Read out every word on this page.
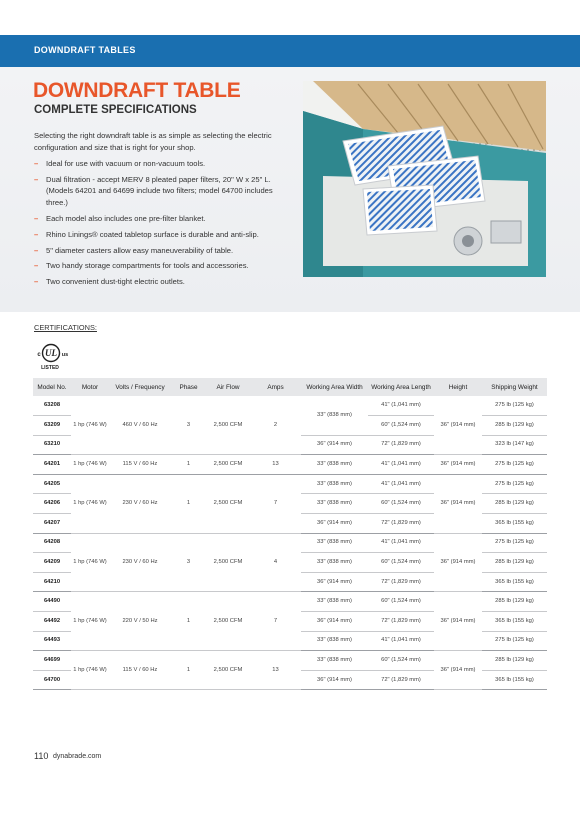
DOWNDRAFT TABLES
DOWNDRAFT TABLE
COMPLETE SPECIFICATIONS

Selecting the right downdraft table is as simple as selecting the electric configuration and size that is right for your shop.

– Ideal for use with vacuum or non-vacuum tools.
– Dual filtration - accept MERV 8 pleated paper filters, 20" W x 25" L. (Models 64201 and 64699 include two filters; model 64700 includes three.)
– Each model also includes one pre-filter blanket.
– Rhino Linings® coated tabletop surface is durable and anti-slip.
– 5" diameter casters allow easy maneuverability of table.
– Two handy storage compartments for tools and accessories.
– Two convenient dust-tight electric outlets.
CERTIFICATIONS:
UL
c	us
LISTED
Model No.	Motor	Volts / Frequency	Phase	Air Flow	Amps	Working Area Width	Working Area Length	Height	Shipping Weight
63208	1 hp (746 W)	460 V / 60 Hz	3	2,500 CFM	2	33" (838 mm)	41" (1,041 mm)	36" (914 mm)	275 lb (125 kg)
63209							60" (1,524 mm)		285 lb (129 kg)
63210						36" (914 mm)	72" (1,829 mm)		323 lb (147 kg)
64201	1 hp (746 W)	115 V / 60 Hz	1	2,500 CFM	13	33" (838 mm)	41" (1,041 mm)	36" (914 mm)	275 lb (125 kg)
64205	1 hp (746 W)	230 V / 60 Hz	1	2,500 CFM	7	33" (838 mm)	41" (1,041 mm)	36" (914 mm)	275 lb (125 kg)
64206						33" (838 mm)	60" (1,524 mm)		285 lb (129 kg)
64207						36" (914 mm)	72" (1,829 mm)		365 lb (155 kg)
64208	1 hp (746 W)	230 V / 60 Hz	3	2,500 CFM	4	33" (838 mm)	41" (1,041 mm)	36" (914 mm)	275 lb (125 kg)
64209						33" (838 mm)	60" (1,524 mm)		285 lb (129 kg)
64210						36" (914 mm)	72" (1,829 mm)		365 lb (155 kg)
64490	1 hp (746 W)	220 V / 50 Hz	1	2,500 CFM	7	33" (838 mm)	60" (1,524 mm)	36" (914 mm)	285 lb (129 kg)
64492						36" (914 mm)	72" (1,829 mm)		365 lb (155 kg)
64493						33" (838 mm)	41" (1,041 mm)		275 lb (125 kg)
64699	1 hp (746 W)	115 V / 60 Hz	1	2,500 CFM	13	33" (838 mm)	60" (1,524 mm)	36" (914 mm)	285 lb (129 kg)
64700						36" (914 mm)	72" (1,829 mm)		365 lb (155 kg)
110 dynabrade.com
